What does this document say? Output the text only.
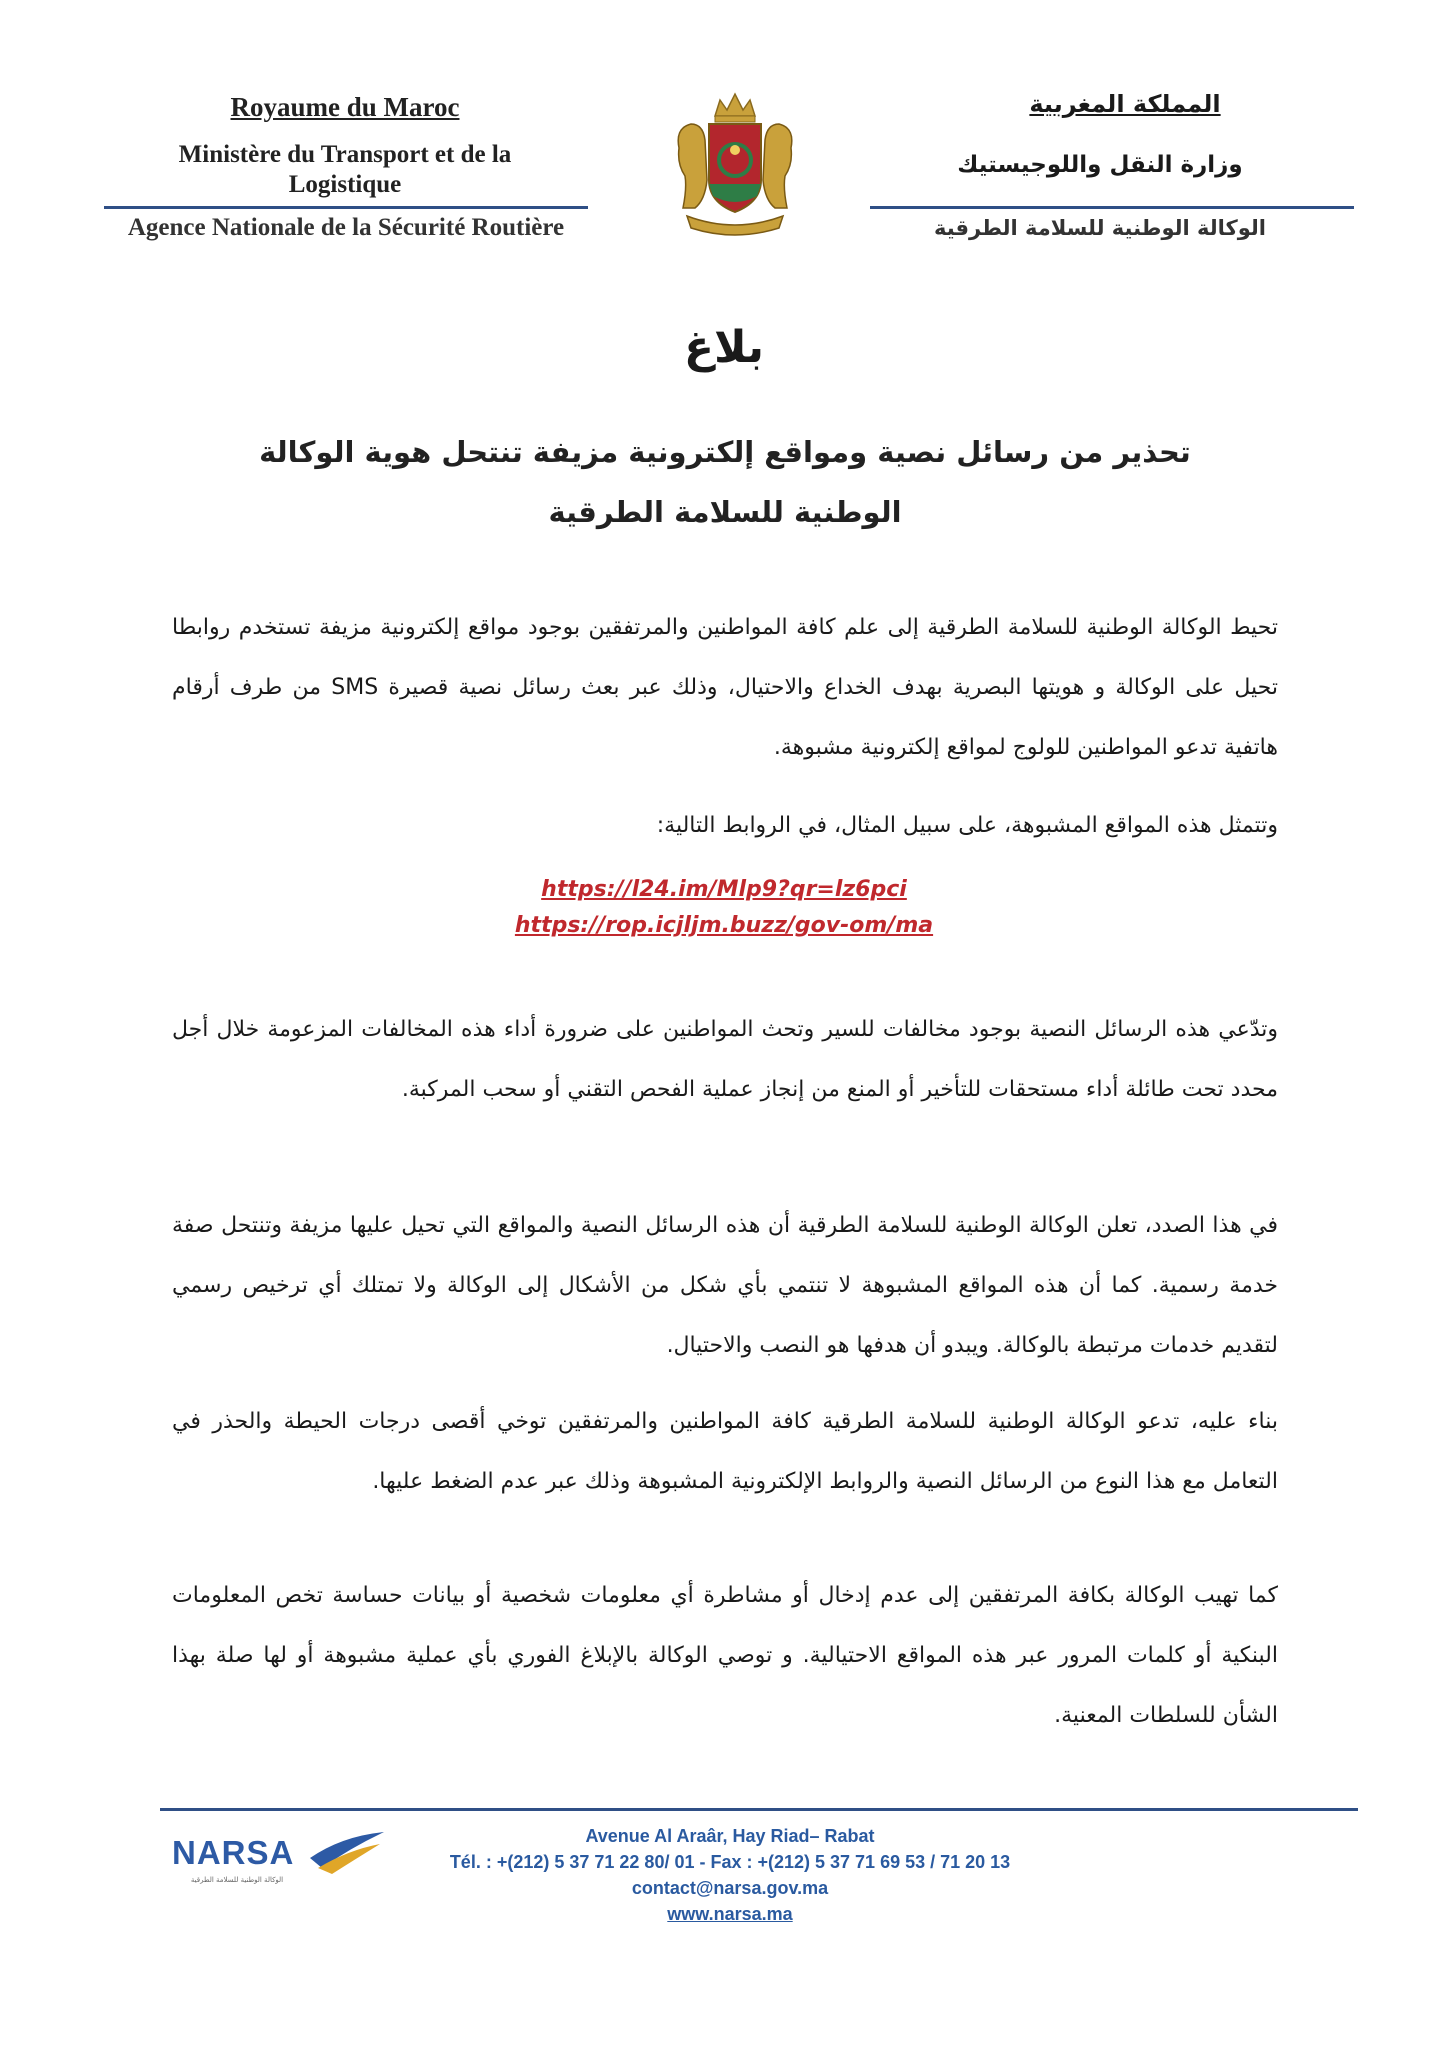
Royaume du Maroc
Ministère du Transport et de la Logistique
Agence Nationale de la Sécurité Routière
المملكة المغربية
وزارة النقل واللوجيستيك
الوكالة الوطنية للسلامة الطرقية
بلاغ
تحذير من رسائل نصية ومواقع إلكترونية مزيفة تنتحل هوية الوكالة الوطنية للسلامة الطرقية
تحيط الوكالة الوطنية للسلامة الطرقية إلى علم كافة المواطنين والمرتفقين بوجود مواقع إلكترونية مزيفة تستخدم روابطا تحيل على الوكالة و هويتها البصرية بهدف الخداع والاحتيال، وذلك عبر بعث رسائل نصية قصيرة SMS من طرف أرقام هاتفية تدعو المواطنين للولوج لمواقع إلكترونية مشبوهة.
وتتمثل هذه المواقع المشبوهة، على سبيل المثال، في الروابط التالية:
https://l24.im/Mlp9?qr=lz6pci
https://rop.icjljm.buzz/gov-om/ma
وتدّعي هذه الرسائل النصية بوجود مخالفات للسير وتحث المواطنين على ضرورة أداء هذه المخالفات المزعومة خلال أجل محدد تحت طائلة أداء مستحقات للتأخير أو المنع من إنجاز عملية الفحص التقني أو سحب المركبة.
في هذا الصدد، تعلن الوكالة الوطنية للسلامة الطرقية أن هذه الرسائل النصية والمواقع التي تحيل عليها مزيفة وتنتحل صفة خدمة رسمية. كما أن هذه المواقع المشبوهة لا تنتمي بأي شكل من الأشكال إلى الوكالة ولا تمتلك أي ترخيص رسمي لتقديم خدمات مرتبطة بالوكالة. ويبدو أن هدفها هو النصب والاحتيال.
بناء عليه، تدعو الوكالة الوطنية للسلامة الطرقية كافة المواطنين والمرتفقين توخي أقصى درجات الحيطة والحذر في التعامل مع هذا النوع من الرسائل النصية والروابط الإلكترونية المشبوهة وذلك عبر عدم الضغط عليها.
كما تهيب الوكالة بكافة المرتفقين إلى عدم إدخال أو مشاطرة أي معلومات شخصية أو بيانات حساسة تخص المعلومات البنكية أو كلمات المرور عبر هذه المواقع الاحتيالية. و توصي الوكالة بالإبلاغ الفوري بأي عملية مشبوهة أو لها صلة بهذا الشأن للسلطات المعنية.
NARSA
الوكالة الوطنية للسلامة الطرقية
Avenue Al Araâr, Hay Riad– Rabat
Tél. : +(212) 5 37 71 22 80/ 01 - Fax : +(212) 5 37 71 69 53 / 71 20 13
contact@narsa.gov.ma
www.narsa.ma
